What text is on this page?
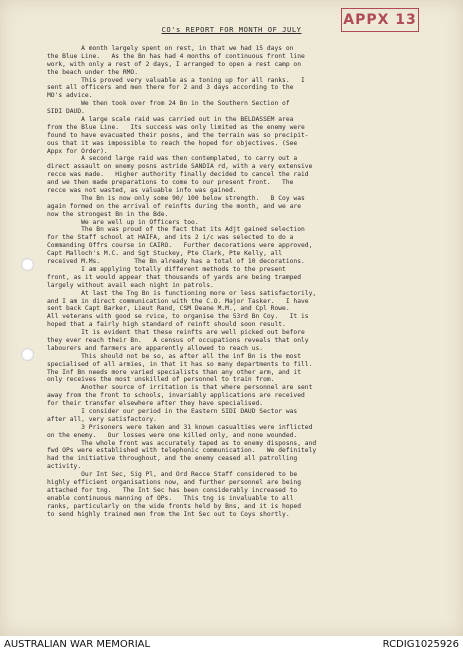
APPX 13
CO's REPORT FOR MONTH OF JULY
A month largely spent on rest, in that we had 15 days on
the Blue Line.   As the Bn has had 4 months of continuous front line
work, with only a rest of 2 days, I arranged to open a rest camp on
the beach under the RMO.
This proved very valuable as a toning up for all ranks.   I
sent all officers and men there for 2 and 3 days according to the
MO's advice.
We then took over from 24 Bn in the Southern Section of
SIDI DAUD.
A large scale raid was carried out in the BELDASSEM area
from the Blue Line.   Its success was only limited as the enemy were
found to have evacuated their posns, and the terrain was so precipit-
ous that it was impossible to reach the hoped for objectives. (See
Appx for Order).
A second large raid was then contemplated, to carry out a
direct assault on enemy posns astride SANDIA rd, with a very extensive
recce was made.   Higher authority finally decided to cancel the raid
and we then made preparations to come to our present front.   The
recce was not wasted, as valuable info was gained.
The Bn is now only some 90/ 100 below strength.   B Coy was
again formed on the arrival of reinfts during the month, and we are
now the strongest Bn in the Bde.
We are well up in Officers too.
The Bn was proud of the fact that its Adjt gained selection
for the Staff school at HAIFA, and its 2 i/c was selected to do a
Commanding Offrs course in CAIRO.   Further decorations were approved,
Capt Malloch's M.C. and Sgt Stuckey, Pte Clark, Pte Kelly, all
received M.Ms.         The Bn already has a total of 10 decorations.
I am applying totally different methods to the present
front, as it would appear that thousands of yards are being tramped
largely without avail each night in patrols.
At last the Tng Bn is functioning more or less satisfactorily,
and I am in direct communication with the C.O. Major Tasker.   I have
sent back Capt Barker, Lieut Rand, CSM Deane M.M., and Cpl Rowe.
All veterans with good se rvice, to organise the 53rd Bn Coy.   It is
hoped that a fairly high standard of reinft should soon result.
It is evident that these reinfts are well picked out before
they ever reach their Bn.   A census of occupations reveals that only
labourers and farmers are apparently allowed to reach us.
This should not be so, as after all the inf Bn is the most
specialised of all armies, in that it has so many departments to fill.
The Inf Bn needs more varied specialists than any other arm, and it
only receives the most unskilled of personnel to train from.
Another source of irritation is that where personnel are sent
away from the front to schools, invariably applications are received
for their transfer elsewhere after they have specialised.
I consider our period in the Eastern SIDI DAUD Sector was
after all, very satisfactory.
3 Prisoners were taken and 31 known casualties were inflicted
on the enemy.   Our losses were one killed only, and none wounded.
The whole front was accurately taped as to enemy disposns, and
fwd OPs were established with telephonic communication.   We definitely
had the initiative throughout, and the enemy ceased all patrolling
activity.
Our Int Sec, Sig Pl, and Ord Recce Staff considered to be
highly efficient organisations now, and further personnel are being
attached for tng.   The Int Sec has been considerably increased to
enable continuous manning of OPs.   This tng is invaluable to all
ranks, particularly on the wide fronts held by Bns, and it is hoped
to send highly trained men from the Int Sec out to Coys shortly.
AUSTRALIAN WAR MEMORIAL	RCDIG1025926
